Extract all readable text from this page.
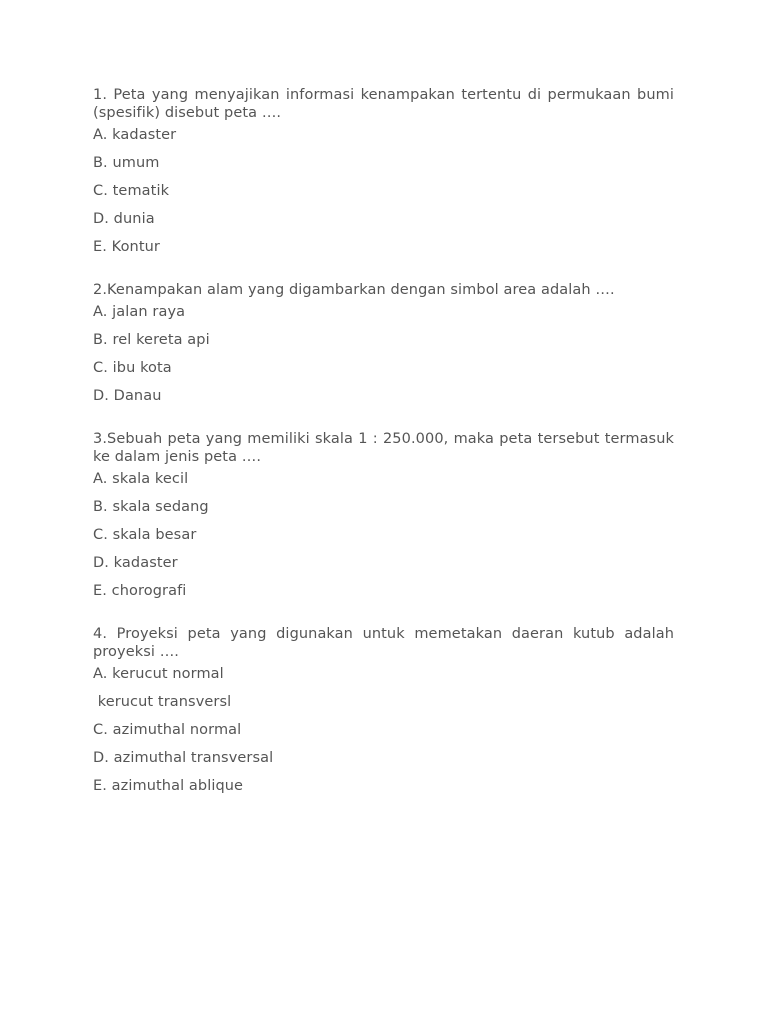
1. Peta yang menyajikan informasi kenampakan tertentu di permukaan bumi (spesifik) disebut peta ….

A. kadaster
B. umum
C. tematik
D. dunia
E. Kontur

2.Kenampakan alam yang digambarkan dengan simbol area adalah ….

A. jalan raya
B. rel kereta api
C. ibu kota
D. Danau

3.Sebuah peta yang memiliki skala 1 : 250.000, maka peta tersebut termasuk ke dalam jenis peta ….

A. skala kecil
B. skala sedang
C. skala besar
D. kadaster
E. chorografi

4. Proyeksi peta yang digunakan untuk memetakan daeran kutub adalah proyeksi ….

A. kerucut normal
kerucut transversl
C. azimuthal normal
D. azimuthal transversal
E. azimuthal ablique
